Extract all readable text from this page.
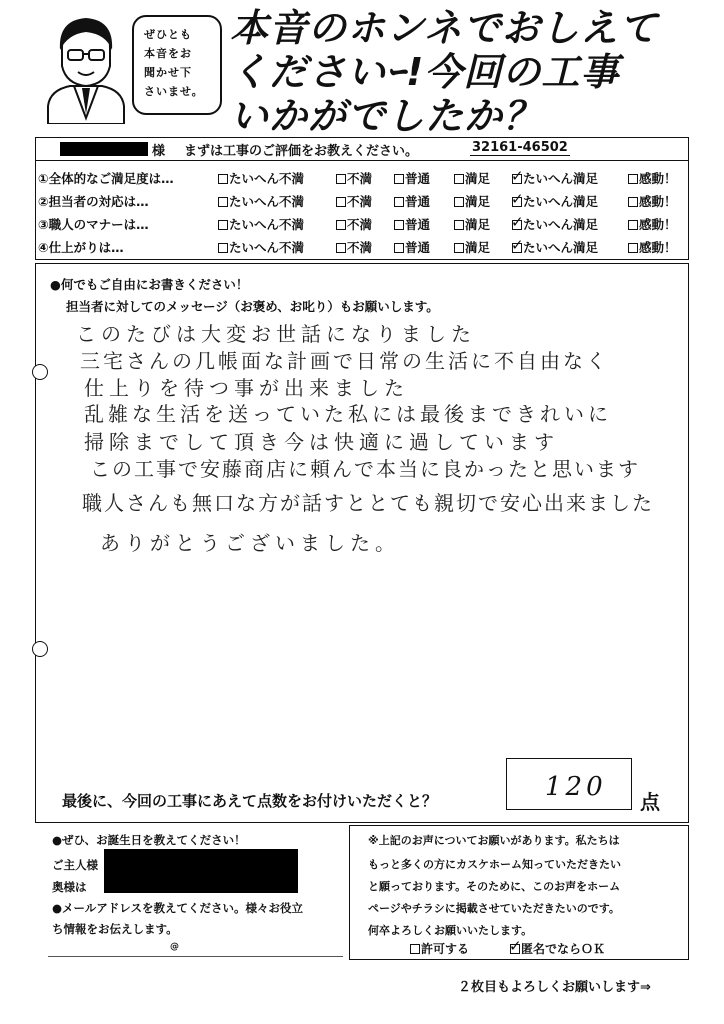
ぜひとも
本音をお
聞かせ下
さいませ。
本音のホンネでおしえて
くださいｰ!今回の工事
いかがでしたか？
様 まずは工事のご評価をお教えください。	32161-46502
①全体的なご満足度は…	たいへん不満	不満	普通	満足 ✓	たいへん満足	感動！
②担当者の対応は…	たいへん不満	不満	普通	満足 ✓	たいへん満足	感動！
③職人のマナーは…	たいへん不満	不満	普通	満足 ✓	たいへん満足	感動！
④仕上がりは…	たいへん不満	不満	普通	満足 ✓	たいへん満足	感動！
●何でもご自由にお書きください！
担当者に対してのメッセージ（お褒め、お叱り）もお願いします。
このたびは大変お世話になりました
三宅さんの几帳面な計画で日常の生活に不自由なく
仕上りを待つ事が出来ました
乱雑な生活を送っていた私には最後まできれいに
掃除までして頂き今は快適に過しています
この工事で安藤商店に頼んで本当に良かったと思います
職人さんも無口な方が話すととても親切で安心出来ました
ありがとうございました。
最後に、今回の工事にあえて点数をお付けいただくと？	120 点
●ぜひ、お誕生日を教えてください！
ご主人様
奥様は
●メールアドレスを教えてください。様々お役立
ち情報をお伝えします。
@
※上記のお声についてお願いがあります。私たちは
もっと多くの方にカスケホーム知っていただきたい
と願っております。そのために、このお声をホーム
ページやチラシに掲載させていただきたいのです。
何卒よろしくお願いいたします。
許可する ✓	匿名でならＯＫ
２枚目もよろしくお願いします⇒
